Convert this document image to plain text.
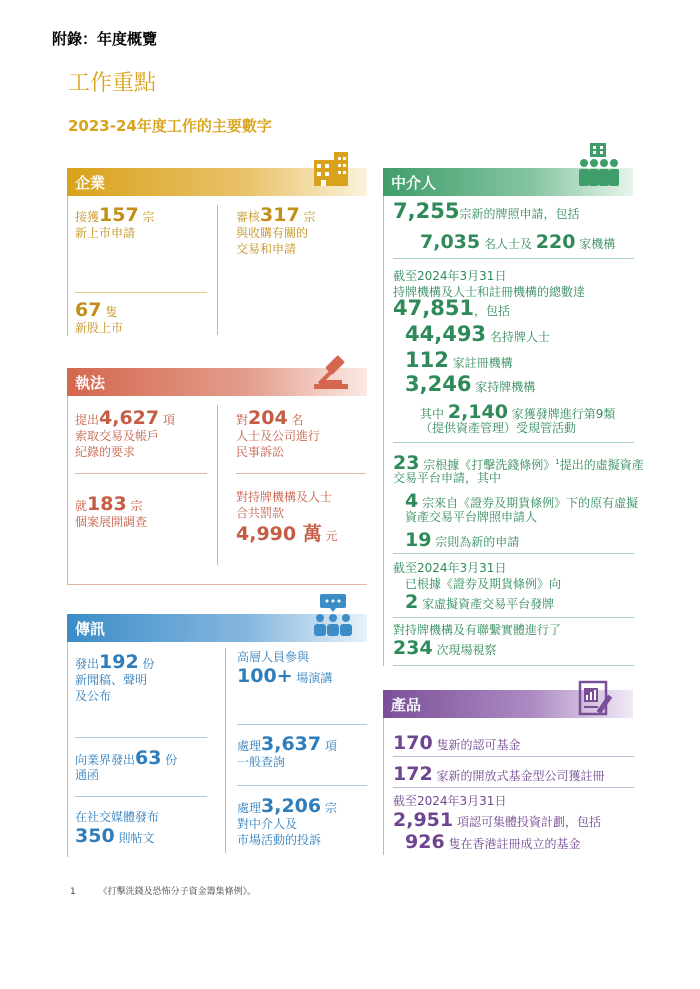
附錄：年度概覽
工作重點
2023-24年度工作的主要數字
企業
接獲157 宗
新上市申請
審核317 宗
與收購有關的
交易和申請
67 隻
新股上市
執法
提出4,627 項
索取交易及帳戶
紀錄的要求
對204 名
人士及公司進行
民事訴訟
就183 宗
個案展開調查
對持牌機構及人士
合共罰款
4,990 萬 元
傳訊
發出192 份
新聞稿、聲明
及公布
高層人員參與
100+ 場演講
向業界發出63 份
通函
處理3,637 項
一般查詢
在社交媒體發布
350 則帖文
處理3,206 宗
對中介人及
市場活動的投訴
中介人
7,255宗新的牌照申請，包括
7,035 名人士及 220 家機構
截至2024年3月31日
持牌機構及人士和註冊機構的總數達
47,851，包括
44,493 名持牌人士
112 家註冊機構
3,246 家持牌機構
其中 2,140 家獲發牌進行第9類
（提供資產管理）受規管活動
23 宗根據《打擊洗錢條例》$^1$提出的虛擬資產
交易平台申請，其中
4 宗來自《證券及期貨條例》下的原有虛擬
資產交易平台牌照申請人
19 宗則為新的申請
截至2024年3月31日
已根據《證券及期貨條例》向
2 家虛擬資產交易平台發牌
對持牌機構及有聯繫實體進行了
234 次現場視察
產品
170 隻新的認可基金
172 家新的開放式基金型公司獲註冊
截至2024年3月31日
2,951 項認可集體投資計劃，包括
926 隻在香港註冊成立的基金
1	《打擊洗錢及恐怖分子資金籌集條例》。
